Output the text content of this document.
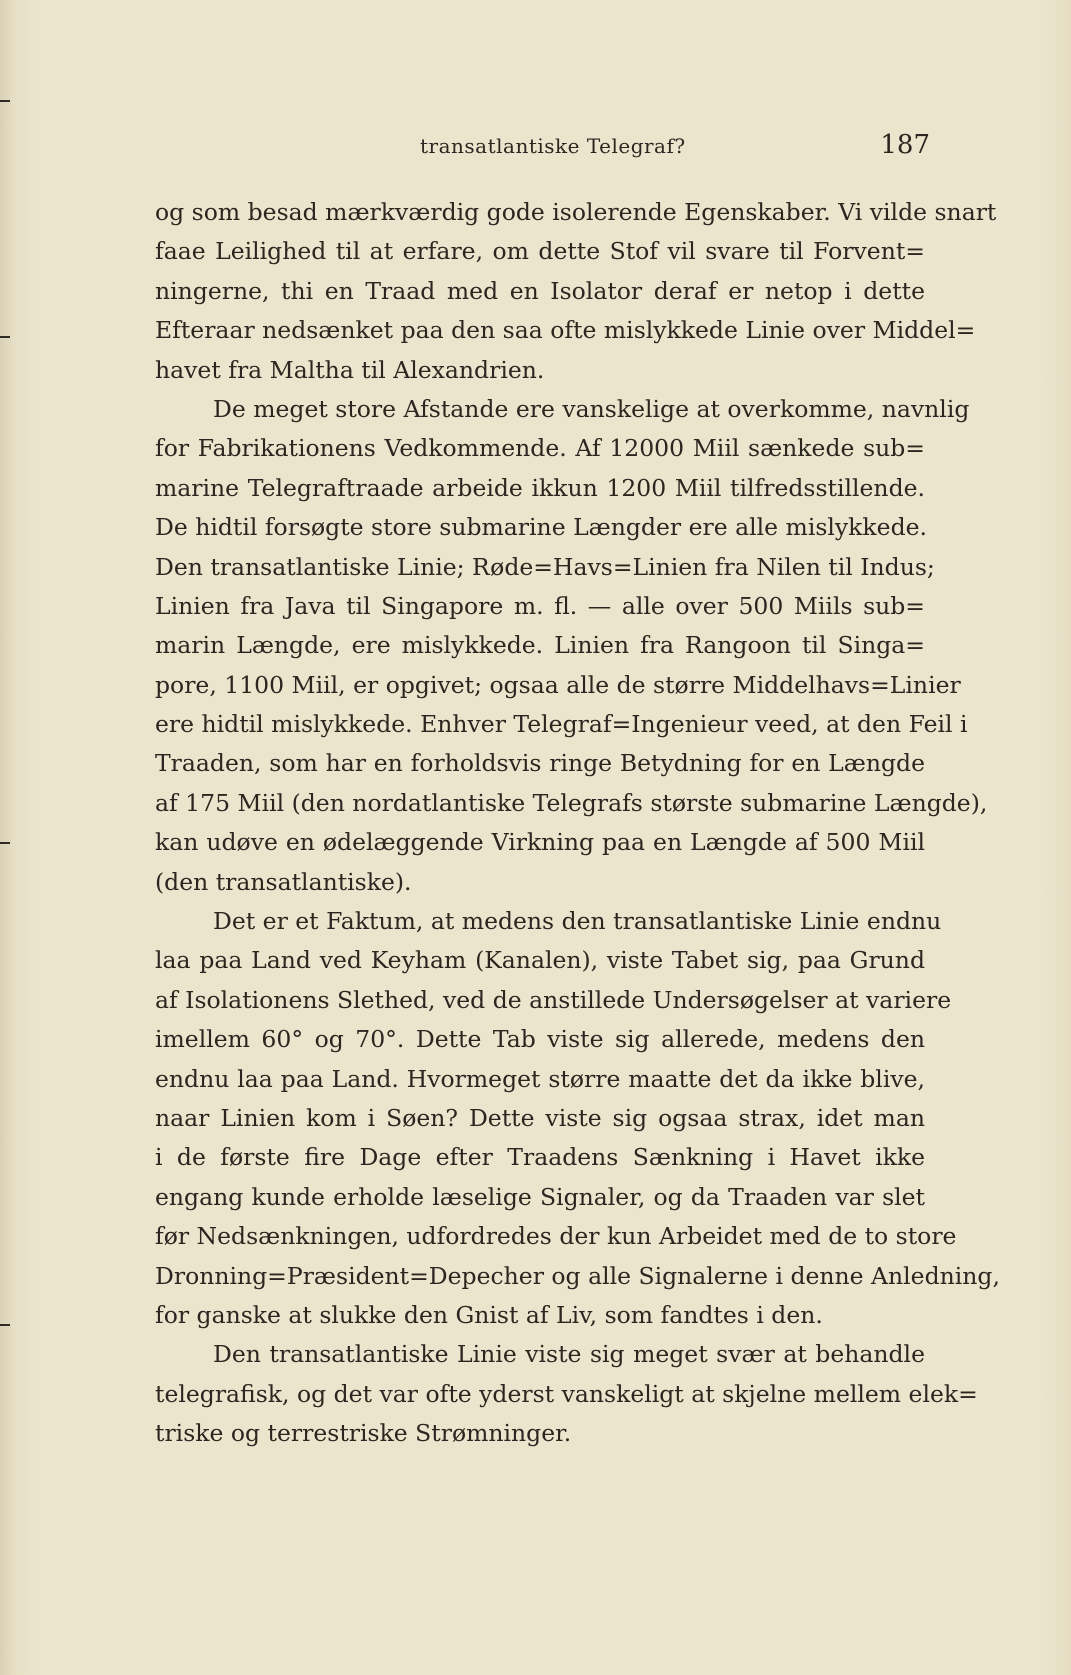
transatlantiske Telegraf?	187
og som besad mærkværdig gode isolerende Egenskaber. Vi vilde snart
faae Leilighed til at erfare, om dette Stof vil svare til Forvent=
ningerne, thi en Traad med en Isolator deraf er netop i dette
Efteraar nedsænket paa den saa ofte mislykkede Linie over Middel=
havet fra Maltha til Alexandrien.
De meget store Afstande ere vanskelige at overkomme, navnlig
for Fabrikationens Vedkommende. Af 12000 Miil sænkede sub=
marine Telegraftraade arbeide ikkun 1200 Miil tilfredsstillende.
De hidtil forsøgte store submarine Længder ere alle mislykkede.
Den transatlantiske Linie; Røde=Havs=Linien fra Nilen til Indus;
Linien fra Java til Singapore m. fl. — alle over 500 Miils sub=
marin Længde, ere mislykkede. Linien fra Rangoon til Singa=
pore, 1100 Miil, er opgivet; ogsaa alle de større Middelhavs=Linier
ere hidtil mislykkede. Enhver Telegraf=Ingenieur veed, at den Feil i
Traaden, som har en forholdsvis ringe Betydning for en Længde
af 175 Miil (den nordatlantiske Telegrafs største submarine Længde),
kan udøve en ødelæggende Virkning paa en Længde af 500 Miil
(den transatlantiske).
Det er et Faktum, at medens den transatlantiske Linie endnu
laa paa Land ved Keyham (Kanalen), viste Tabet sig, paa Grund
af Isolationens Slethed, ved de anstillede Undersøgelser at variere
imellem 60° og 70°. Dette Tab viste sig allerede, medens den
endnu laa paa Land. Hvormeget større maatte det da ikke blive,
naar Linien kom i Søen? Dette viste sig ogsaa strax, idet man
i de første fire Dage efter Traadens Sænkning i Havet ikke
engang kunde erholde læselige Signaler, og da Traaden var slet
før Nedsænkningen, udfordredes der kun Arbeidet med de to store
Dronning=Præsident=Depecher og alle Signalerne i denne Anledning,
for ganske at slukke den Gnist af Liv, som fandtes i den.
Den transatlantiske Linie viste sig meget svær at behandle
telegrafisk, og det var ofte yderst vanskeligt at skjelne mellem elek=
triske og terrestriske Strømninger.
